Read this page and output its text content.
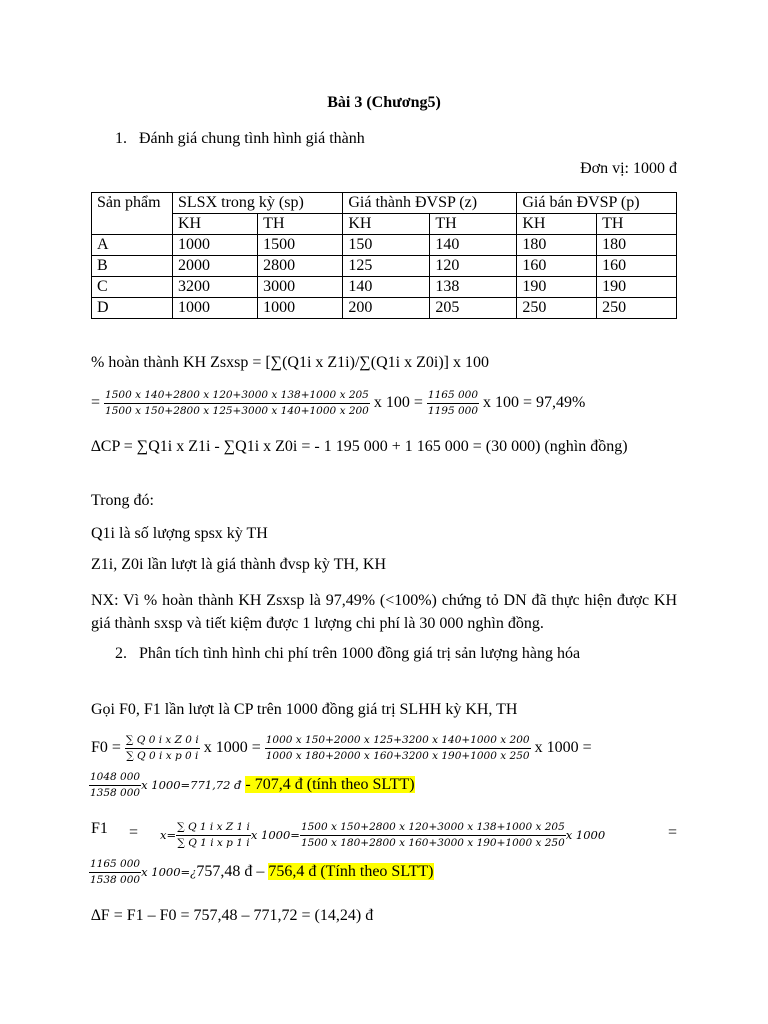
Bài 3 (Chương5)
1. Đánh giá chung tình hình giá thành
Đơn vị: 1000 đ
Sản phẩm	SLSX trong kỳ (sp)		Giá thành ĐVSP (z)		Giá bán ĐVSP (p)	
	KH	TH	KH	TH	KH	TH
A	1000	1500	150	140	180	180
B	2000	2800	125	120	160	160
C	3200	3000	140	138	190	190
D	1000	1000	200	205	250	250
% hoàn thành KH Zsxsp = [∑(Q1i x Z1i)/∑(Q1i x Z0i)] x 100
= $\frac{1500 x 140+2800 x 120+3000 x 138+1000 x 205}{1500 x 150+2800 x 125+3000 x 140+1000 x 200}$ x $100 = \frac{1165 000}{1195 000}$ x 100 = 97,49%
∆CP = ∑Q1i x Z1i - ∑Q1i x Z0i = - 1 195 000 + 1 165 000 = (30 000) (nghìn đồng)
Trong đó:
Q1i là số lượng spsx kỳ TH
Z1i, Z0i lần lượt là giá thành đvsp kỳ TH, KH
NX: Vì % hoàn thành KH Zsxsp là 97,49% (<100%) chứng tỏ DN đã thực hiện được KH giá thành sxsp và tiết kiệm được 1 lượng chi phí là 30 000 nghìn đồng.
2. Phân tích tình hình chi phí trên 1000 đồng giá trị sản lượng hàng hóa
Gọi F0, F1 lần lượt là CP trên 1000 đồng giá trị SLHH kỳ KH, TH
$F0 = \frac{\text{∑ Q 0 i x Z 0 i}}{\text{∑ Q 0 i x p 0 i}}$ x $1000 = \frac{1000 x 150+2000 x 125+3200 x 140+1000 x 200}{1000 x 180+2000 x 160+3200 x 190+1000 x 250}$ x 1000 =
$\frac{1048 000}{1358 000}$ x 1000=771,72 đ - 707,4 đ (tính theo SLTT)
$F1 = x= \frac{\text{∑ Q 1 i x Z 1 i}}{\text{∑ Q 1 i x p 1 i}}$ x $1000= \frac{1500 x 150+2800 x 120+3000 x 138+1000 x 205}{1500 x 180+2800 x 160+3000 x 190+1000 x 250}$ x 1000	=
$\frac{1165 000}{1538 000}$ x 1000=¿757,48 đ – 756,4 đ (Tính theo SLTT)
∆F = F1 – F0 = 757,48 – 771,72 = (14,24) đ
